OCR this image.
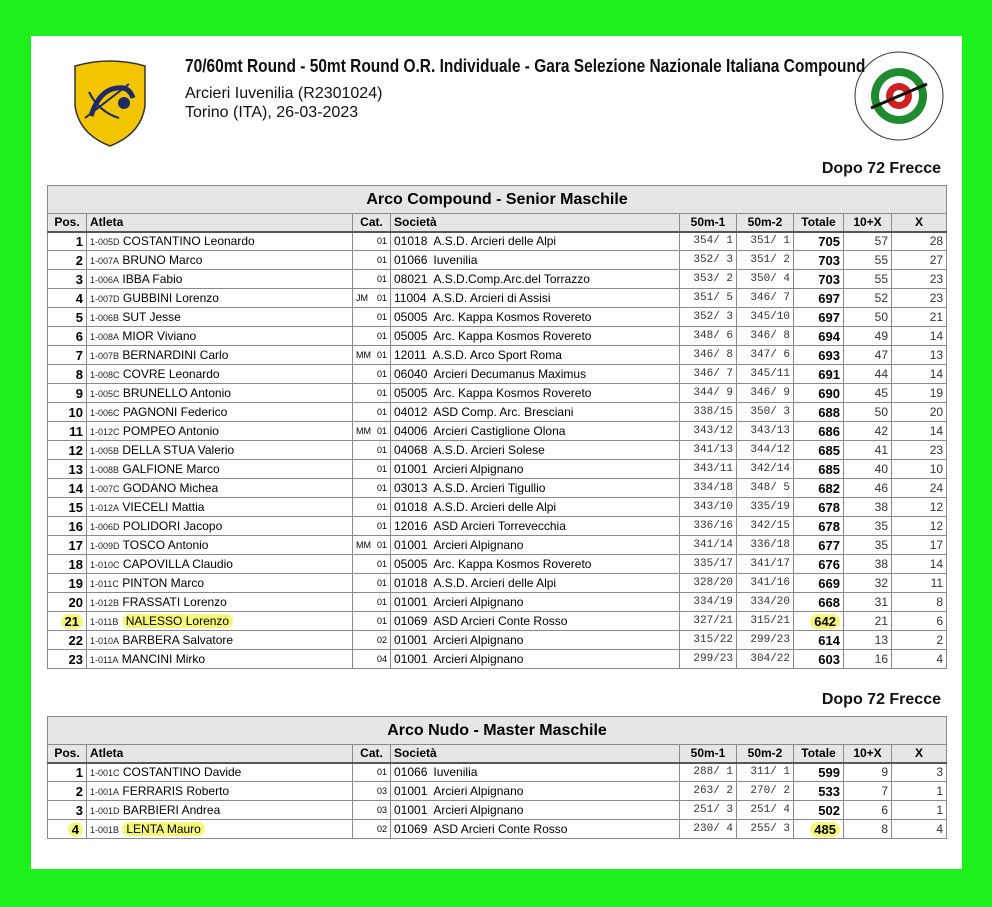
70/60mt Round - 50mt Round O.R. Individuale - Gara Selezione Nazionale Italiana Compound
Arcieri Iuvenilia (R2301024)
Torino (ITA), 26-03-2023
Dopo 72 Frecce
Arco Compound - Senior Maschile								
Pos.	Atleta	Cat.	Società	50m-1	50m-2	Totale	10+X	X
1	1-005D COSTANTINO Leonardo	01	01018 A.S.D. Arcieri delle Alpi	354/ 1	351/ 1	705	57	28
2	1-007A BRUNO Marco	01	01066 Iuvenilia	352/ 3	351/ 2	703	55	27
3	1-006A IBBA Fabio	01	08021 A.S.D.Comp.Arc.del Torrazzo	353/ 2	350/ 4	703	55	23
4	1-007D GUBBINI Lorenzo	JM 01	11004 A.S.D. Arcieri di Assisi	351/ 5	346/ 7	697	52	23
5	1-006B SUT Jesse	01	05005 Arc. Kappa Kosmos Rovereto	352/ 3	345/10	697	50	21
6	1-008A MIOR Viviano	01	05005 Arc. Kappa Kosmos Rovereto	348/ 6	346/ 8	694	49	14
7	1-007B BERNARDINI Carlo	MM 01	12011 A.S.D. Arco Sport Roma	346/ 8	347/ 6	693	47	13
8	1-008C COVRE Leonardo	01	06040 Arcieri Decumanus Maximus	346/ 7	345/11	691	44	14
9	1-005C BRUNELLO Antonio	01	05005 Arc. Kappa Kosmos Rovereto	344/ 9	346/ 9	690	45	19
10	1-006C PAGNONI Federico	01	04012 ASD Comp. Arc. Bresciani	338/15	350/ 3	688	50	20
11	1-012C POMPEO Antonio	MM 01	04006 Arcieri Castiglione Olona	343/12	343/13	686	42	14
12	1-005B DELLA STUA Valerio	01	04068 A.S.D. Arcieri Solese	341/13	344/12	685	41	23
13	1-008B GALFIONE Marco	01	01001 Arcieri Alpignano	343/11	342/14	685	40	10
14	1-007C GODANO Michea	01	03013 A.S.D. Arcieri Tigullio	334/18	348/ 5	682	46	24
15	1-012A VIECELI Mattia	01	01018 A.S.D. Arcieri delle Alpi	343/10	335/19	678	38	12
16	1-006D POLIDORI Jacopo	01	12016 ASD Arcieri Torrevecchia	336/16	342/15	678	35	12
17	1-009D TOSCO Antonio	MM 01	01001 Arcieri Alpignano	341/14	336/18	677	35	17
18	1-010C CAPOVILLA Claudio	01	05005 Arc. Kappa Kosmos Rovereto	335/17	341/17	676	38	14
19	1-011C PINTON Marco	01	01018 A.S.D. Arcieri delle Alpi	328/20	341/16	669	32	11
20	1-012B FRASSATI Lorenzo	01	01001 Arcieri Alpignano	334/19	334/20	668	31	8
21	1-011B NALESSO Lorenzo	01	01069 ASD Arcieri Conte Rosso	327/21	315/21	642	21	6
22	1-010A BARBERA Salvatore	02	01001 Arcieri Alpignano	315/22	299/23	614	13	2
23	1-011A MANCINI Mirko	04	01001 Arcieri Alpignano	299/23	304/22	603	16	4
Dopo 72 Frecce
Arco Nudo - Master Maschile								
Pos.	Atleta	Cat.	Società	50m-1	50m-2	Totale	10+X	X
1	1-001C COSTANTINO Davide	01	01066 Iuvenilia	288/ 1	311/ 1	599	9	3
2	1-001A FERRARIS Roberto	03	01001 Arcieri Alpignano	263/ 2	270/ 2	533	7	1
3	1-001D BARBIERI Andrea	03	01001 Arcieri Alpignano	251/ 3	251/ 4	502	6	1
4	1-001B LENTA Mauro	02	01069 ASD Arcieri Conte Rosso	230/ 4	255/ 3	485	8	4
